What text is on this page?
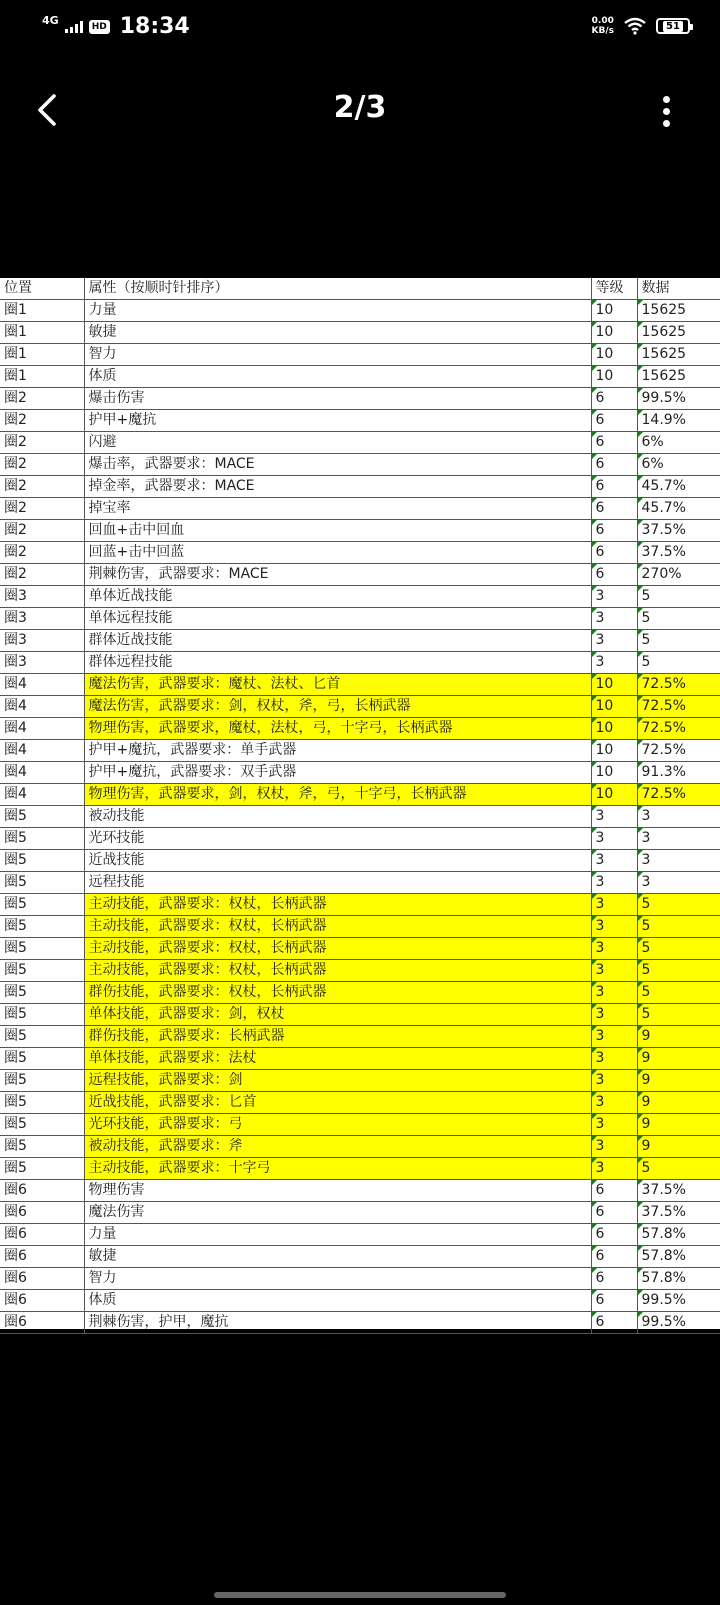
4G	HD 18:34	0.00
KB/s	51
2/3
位置	属性（按顺时针排序）	等级	数据
圈1	力量	10	15625
圈1	敏捷	10	15625
圈1	智力	10	15625
圈1	体质	10	15625
圈2	爆击伤害	6	99.5%
圈2	护甲+魔抗	6	14.9%
圈2	闪避	6	6%
圈2	爆击率，武器要求：MACE	6	6%
圈2	掉金率，武器要求：MACE	6	45.7%
圈2	掉宝率	6	45.7%
圈2	回血+击中回血	6	37.5%
圈2	回蓝+击中回蓝	6	37.5%
圈2	荆棘伤害，武器要求：MACE	6	270%
圈3	单体近战技能	3	5
圈3	单体远程技能	3	5
圈3	群体近战技能	3	5
圈3	群体远程技能	3	5
圈4	魔法伤害，武器要求：魔杖、法杖、匕首	10	72.5%
圈4	魔法伤害，武器要求：剑，权杖，斧，弓，长柄武器	10	72.5%
圈4	物理伤害，武器要求，魔杖，法杖，弓，十字弓，长柄武器	10	72.5%
圈4	护甲+魔抗，武器要求：单手武器	10	72.5%
圈4	护甲+魔抗，武器要求：双手武器	10	91.3%
圈4	物理伤害，武器要求，剑，权杖，斧，弓，十字弓，长柄武器	10	72.5%
圈5	被动技能	3	3
圈5	光环技能	3	3
圈5	近战技能	3	3
圈5	远程技能	3	3
圈5	主动技能，武器要求：权杖，长柄武器	3	5
圈5	主动技能，武器要求：权杖，长柄武器	3	5
圈5	主动技能，武器要求：权杖，长柄武器	3	5
圈5	主动技能，武器要求：权杖，长柄武器	3	5
圈5	群伤技能，武器要求：权杖，长柄武器	3	5
圈5	单体技能，武器要求：剑，权杖	3	5
圈5	群伤技能，武器要求：长柄武器	3	9
圈5	单体技能，武器要求：法杖	3	9
圈5	远程技能，武器要求：剑	3	9
圈5	近战技能，武器要求：匕首	3	9
圈5	光环技能，武器要求：弓	3	9
圈5	被动技能，武器要求：斧	3	9
圈5	主动技能，武器要求：十字弓	3	5
圈6	物理伤害	6	37.5%
圈6	魔法伤害	6	37.5%
圈6	力量	6	57.8%
圈6	敏捷	6	57.8%
圈6	智力	6	57.8%
圈6	体质	6	99.5%
圈6	荆棘伤害，护甲，魔抗	6	99.5%
